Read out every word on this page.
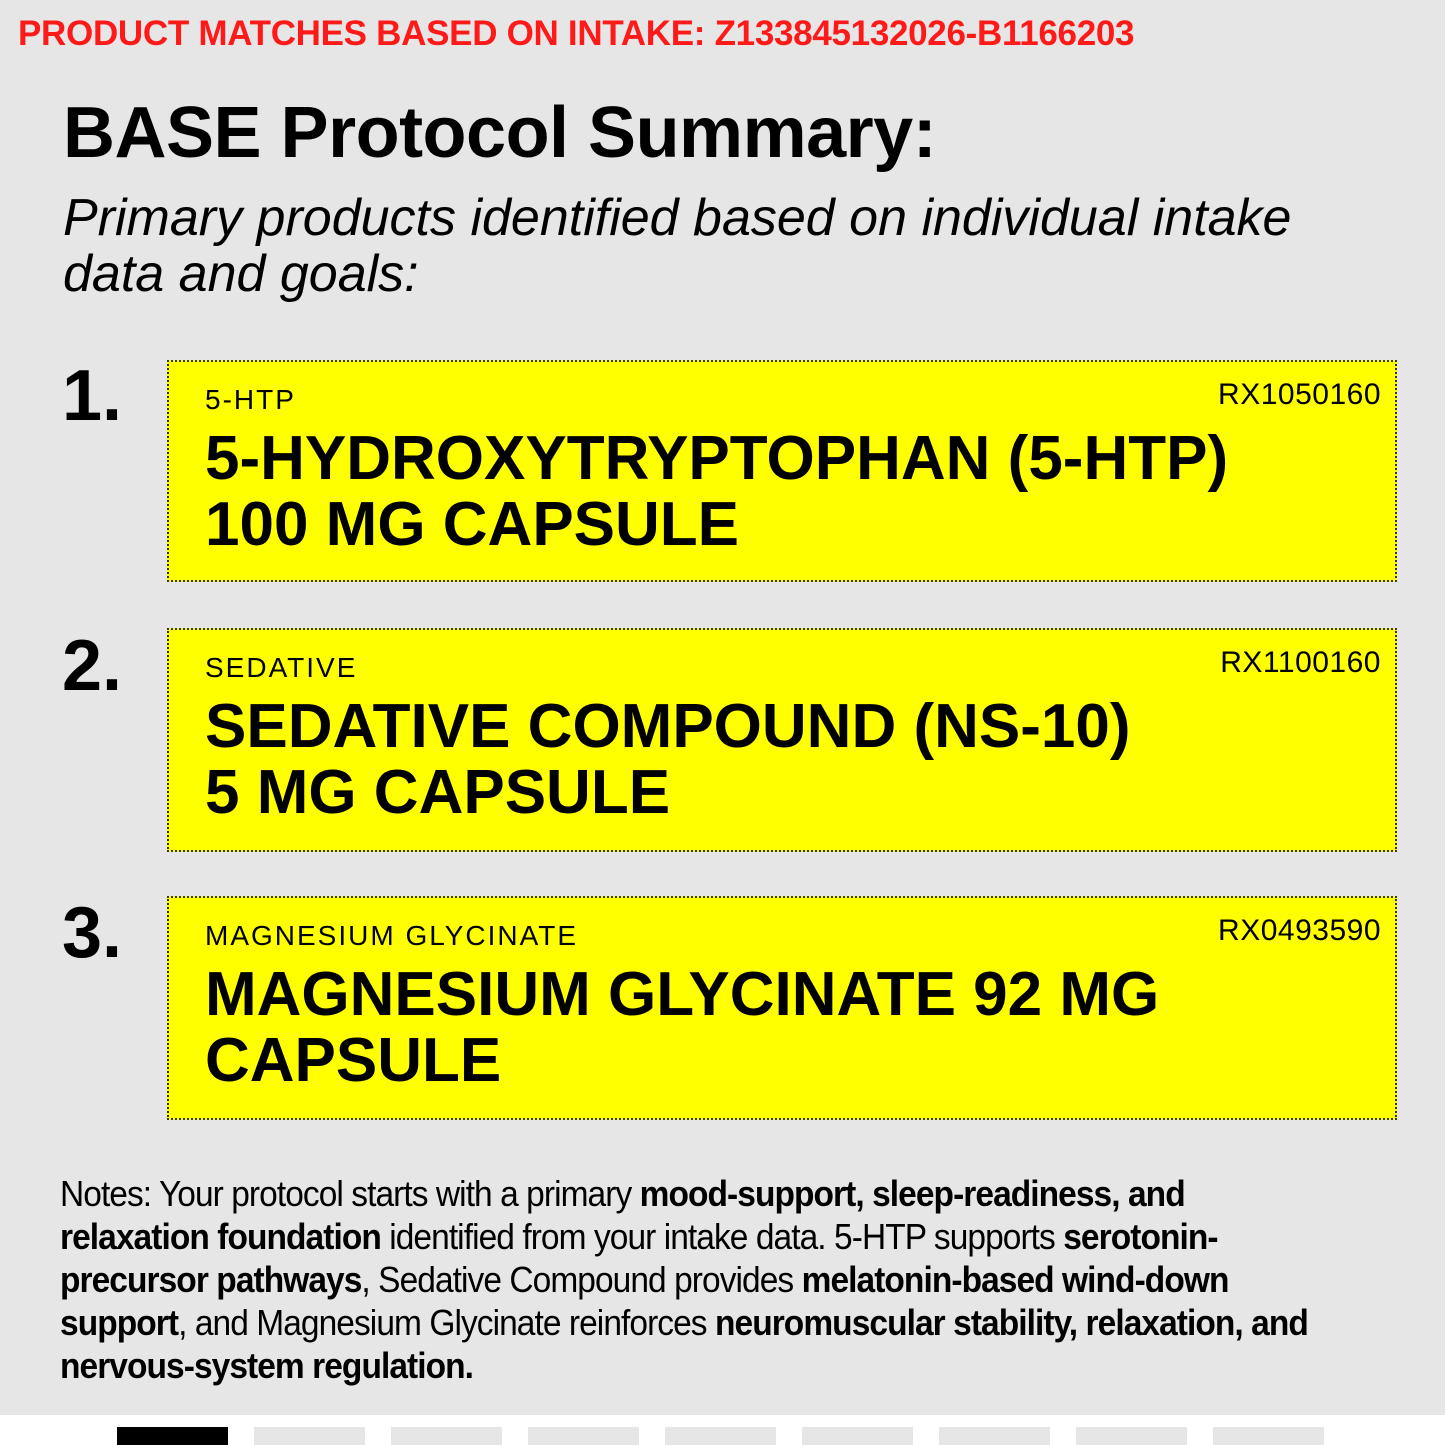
PRODUCT MATCHES BASED ON INTAKE: Z133845132026-B1166203
BASE Protocol Summary:
Primary products identified based on individual intake data and goals:
1.	5-HTP	RX1050160
5-HYDROXYTRYPTOPHAN (5-HTP)
100 MG CAPSULE
2.	SEDATIVE	RX1100160
SEDATIVE COMPOUND (NS-10)
5 MG CAPSULE
3.	MAGNESIUM GLYCINATE	RX0493590
MAGNESIUM GLYCINATE 92 MG
CAPSULE
Notes: Your protocol starts with a primary mood-support, sleep-readiness, and relaxation foundation identified from your intake data. 5-HTP supports serotonin-precursor pathways, Sedative Compound provides melatonin-based wind-down support, and Magnesium Glycinate reinforces neuromuscular stability, relaxation, and nervous-system regulation.
